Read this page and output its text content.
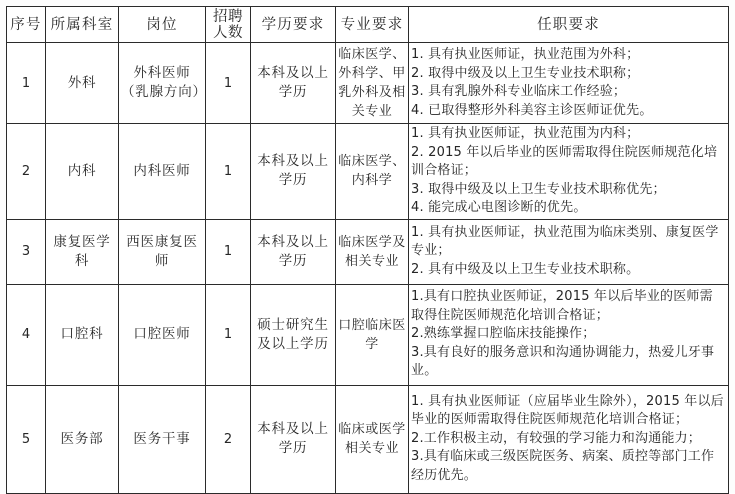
序号	所属科室	岗位	招聘人数	学历要求	专业要求	任职要求
1	外科	外科医师（乳腺方向）	1	本科及以上学历	临床医学、外科学、甲乳外科及相关专业	1. 具有执业医师证，执业范围为外科；
2. 取得中级及以上卫生专业技术职称；
3. 具有乳腺外科专业临床工作经验；
4. 已取得整形外科美容主诊医师证优先。

2	内科	内科医师	1	本科及以上学历	临床医学、内科学	1. 具有执业医师证，执业范围为内科；
2. 2015 年以后毕业的医师需取得住院医师规范化培训合格证；
3. 取得中级及以上卫生专业技术职称优先；
4. 能完成心电图诊断的优先。

3	康复医学科	西医康复医师	1	本科及以上学历	临床医学及相关专业	1. 具有执业医师证，执业范围为临床类别、康复医学专业；
2. 具有中级及以上卫生专业技术职称。

4	口腔科	口腔医师	1	硕士研究生及以上学历	口腔临床医学	1.具有口腔执业医师证，2015 年以后毕业的医师需取得住院医师规范化培训合格证；
2.熟练掌握口腔临床技能操作；
3.具有良好的服务意识和沟通协调能力，热爱儿牙事业。

5	医务部	医务干事	2	本科及以上学历	临床或医学相关专业	1. 具有执业医师证（应届毕业生除外），2015 年以后毕业的医师需取得住院医师规范化培训合格证；
2.工作积极主动，有较强的学习能力和沟通能力；
3.具有临床或三级医院医务、病案、质控等部门工作经历优先。
